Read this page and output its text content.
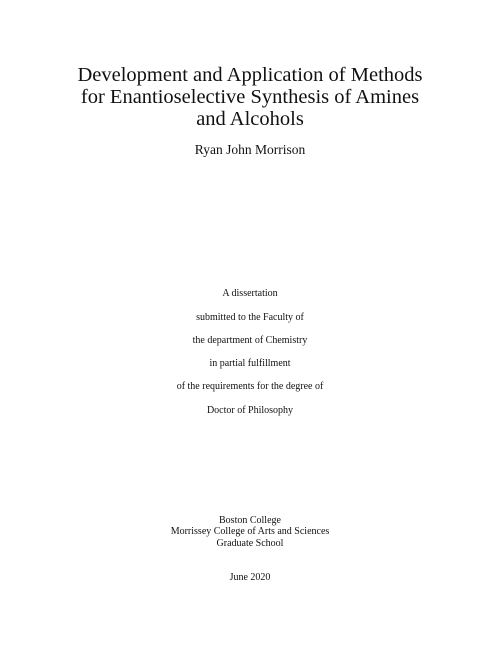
Development and Application of Methods
for Enantioselective Synthesis of Amines
and Alcohols
Ryan John Morrison
A dissertation
submitted to the Faculty of
the department of Chemistry
in partial fulfillment
of the requirements for the degree of
Doctor of Philosophy
Boston College
Morrissey College of Arts and Sciences
Graduate School
June 2020
